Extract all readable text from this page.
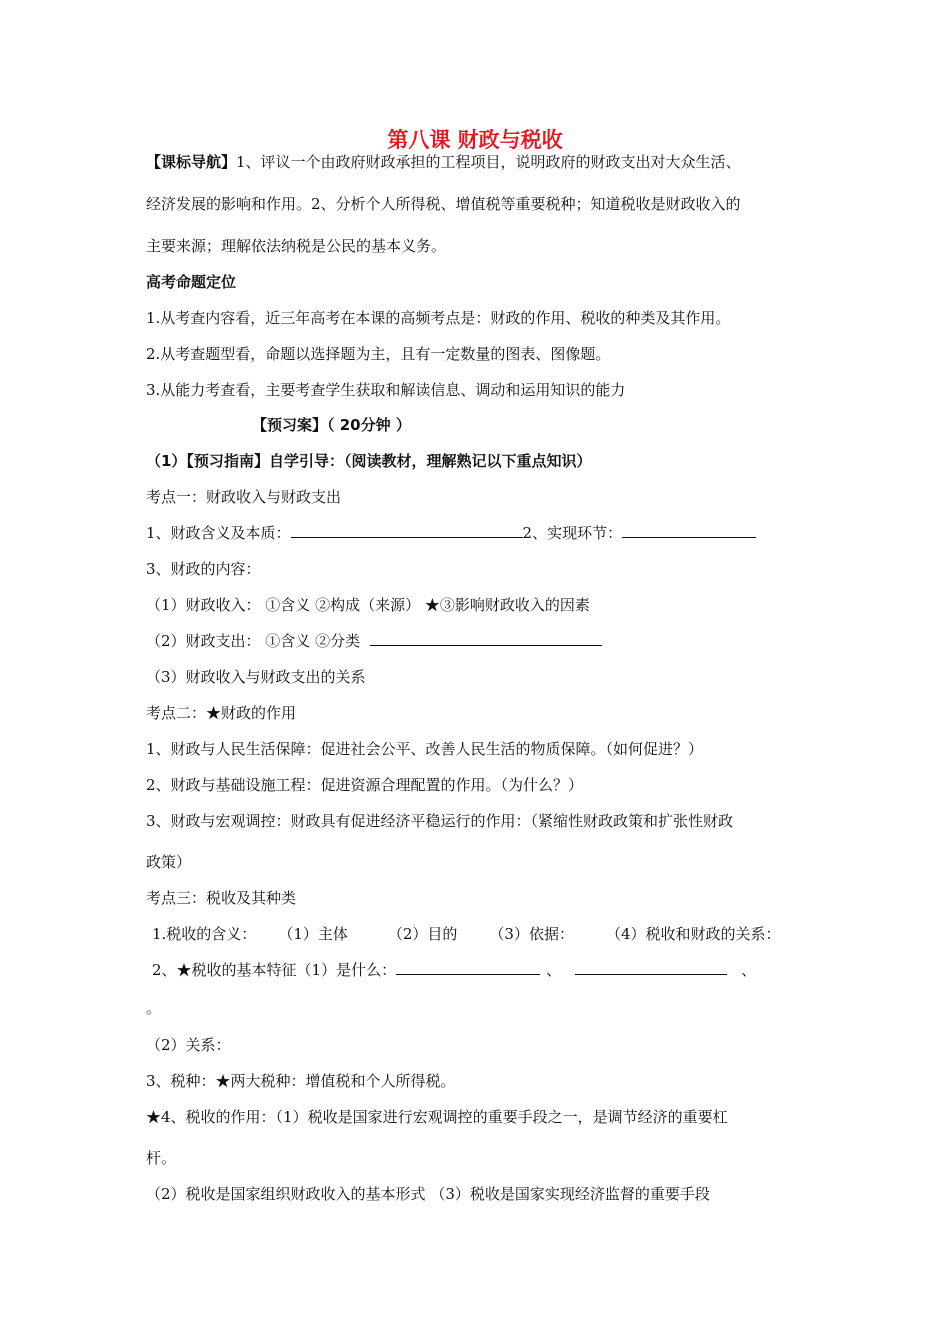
第八课 财政与税收
【课标导航】1、评议一个由政府财政承担的工程项目，说明政府的财政支出对大众生活、
经济发展的影响和作用。2、分析个人所得税、增值税等重要税种；知道税收是财政收入的
主要来源；理解依法纳税是公民的基本义务。
高考命题定位
1.从考查内容看，近三年高考在本课的高频考点是：财政的作用、税收的种类及其作用。
2.从考查题型看，命题以选择题为主，且有一定数量的图表、图像题。
3.从能力考查看，主要考查学生获取和解读信息、调动和运用知识的能力
【预习案】（ 20分钟 ）
（1）【预习指南】自学引导：（阅读教材，理解熟记以下重点知识）
考点一：财政收入与财政支出
1、财政含义及本质：	2、实现环节：
3、财政的内容：
（1）财政收入： ①含义 ②构成（来源） ★③影响财政收入的因素
（2）财政支出： ①含义 ②分类
（3）财政收入与财政支出的关系
考点二：★财政的作用
1、财政与人民生活保障：促进社会公平、改善人民生活的物质保障。（如何促进？）
2、财政与基础设施工程：促进资源合理配置的作用。（为什么？）
3、财政与宏观调控：财政具有促进经济平稳运行的作用：（紧缩性财政政策和扩张性财政
政策）
考点三：税收及其种类
1.税收的含义： （1）主体	（2）目的 （3）依据： （4）税收和财政的关系：
2、★税收的基本特征（1）是什么：	、	、
。
（2）关系：
3、税种：★两大税种：增值税和个人所得税。
★4、税收的作用：（1）税收是国家进行宏观调控的重要手段之一，是调节经济的重要杠
杆。
（2）税收是国家组织财政收入的基本形式 （3）税收是国家实现经济监督的重要手段
